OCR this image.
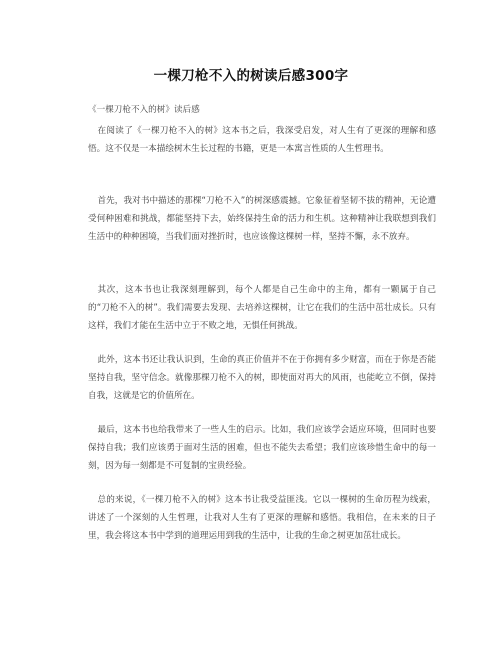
一棵刀枪不入的树读后感300字
《一棵刀枪不入的树》读后感

在阅读了《一棵刀枪不入的树》这本书之后，我深受启发，对人生有了更深的理解和感悟。这不仅是一本描绘树木生长过程的书籍，更是一本寓言性质的人生哲理书。

首先，我对书中描述的那棵“刀枪不入”的树深感震撼。它象征着坚韧不拔的精神，无论遭受何种困难和挑战，都能坚持下去，始终保持生命的活力和生机。这种精神让我联想到我们生活中的种种困境，当我们面对挫折时，也应该像这棵树一样，坚持不懈，永不放弃。

其次，这本书也让我深刻理解到，每个人都是自己生命中的主角，都有一颗属于自己的“刀枪不入的树”。我们需要去发现、去培养这棵树，让它在我们的生活中茁壮成长。只有这样，我们才能在生活中立于不败之地，无惧任何挑战。

此外，这本书还让我认识到，生命的真正价值并不在于你拥有多少财富，而在于你是否能坚持自我，坚守信念。就像那棵刀枪不入的树，即使面对再大的风雨，也能屹立不倒，保持自我，这就是它的价值所在。

最后，这本书也给我带来了一些人生的启示。比如，我们应该学会适应环境，但同时也要保持自我；我们应该勇于面对生活的困难，但也不能失去希望；我们应该珍惜生命中的每一刻，因为每一刻都是不可复制的宝贵经验。

总的来说，《一棵刀枪不入的树》这本书让我受益匪浅。它以一棵树的生命历程为线索，讲述了一个深刻的人生哲理，让我对人生有了更深的理解和感悟。我相信，在未来的日子里，我会将这本书中学到的道理运用到我的生活中，让我的生命之树更加茁壮成长。
